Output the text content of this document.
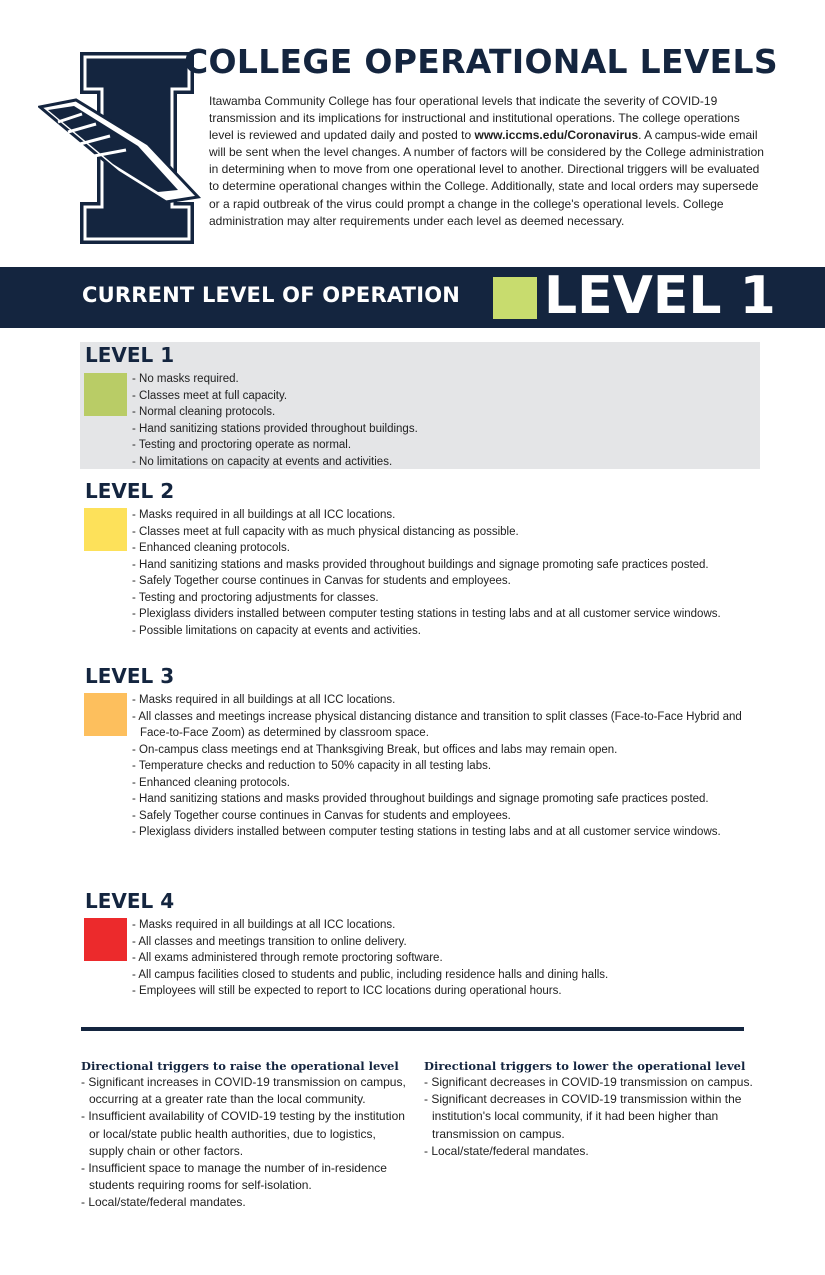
COLLEGE OPERATIONAL LEVELS
Itawamba Community College has four operational levels that indicate the severity of COVID-19 transmission and its implications for instructional and institutional operations. The college operations level is reviewed and updated daily and posted to www.iccms.edu/Coronavirus. A campus-wide email will be sent when the level changes. A number of factors will be considered by the College administration in determining when to move from one operational level to another. Directional triggers will be evaluated to determine operational changes within the College. Additionally, state and local orders may supersede or a rapid outbreak of the virus could prompt a change in the college's operational levels. College administration may alter requirements under each level as deemed necessary.
CURRENT LEVEL OF OPERATION LEVEL 1
LEVEL 1
- No masks required.
- Classes meet at full capacity.
- Normal cleaning protocols.
- Hand sanitizing stations provided throughout buildings.
- Testing and proctoring operate as normal.
- No limitations on capacity at events and activities.
LEVEL 2
- Masks required in all buildings at all ICC locations.
- Classes meet at full capacity with as much physical distancing as possible.
- Enhanced cleaning protocols.
- Hand sanitizing stations and masks provided throughout buildings and signage promoting safe practices posted.
- Safely Together course continues in Canvas for students and employees.
- Testing and proctoring adjustments for classes.
- Plexiglass dividers installed between computer testing stations in testing labs and at all customer service windows.
- Possible limitations on capacity at events and activities.
LEVEL 3
- Masks required in all buildings at all ICC locations.
- All classes and meetings increase physical distancing distance and transition to split classes (Face-to-Face Hybrid and Face-to-Face Zoom) as determined by classroom space.
- On-campus class meetings end at Thanksgiving Break, but offices and labs may remain open.
- Temperature checks and reduction to 50% capacity in all testing labs.
- Enhanced cleaning protocols.
- Hand sanitizing stations and masks provided throughout buildings and signage promoting safe practices posted.
- Safely Together course continues in Canvas for students and employees.
- Plexiglass dividers installed between computer testing stations in testing labs and at all customer service windows.
LEVEL 4
- Masks required in all buildings at all ICC locations.
- All classes and meetings transition to online delivery.
- All exams administered through remote proctoring software.
- All campus facilities closed to students and public, including residence halls and dining halls.
- Employees will still be expected to report to ICC locations during operational hours.
Directional triggers to raise the operational level
- Significant increases in COVID-19 transmission on campus, occurring at a greater rate than the local community.
- Insufficient availability of COVID-19 testing by the institution or local/state public health authorities, due to logistics, supply chain or other factors.
- Insufficient space to manage the number of in-residence students requiring rooms for self-isolation.
- Local/state/federal mandates.
Directional triggers to lower the operational level
- Significant decreases in COVID-19 transmission on campus.
- Significant decreases in COVID-19 transmission within the institution's local community, if it had been higher than transmission on campus.
- Local/state/federal mandates.
